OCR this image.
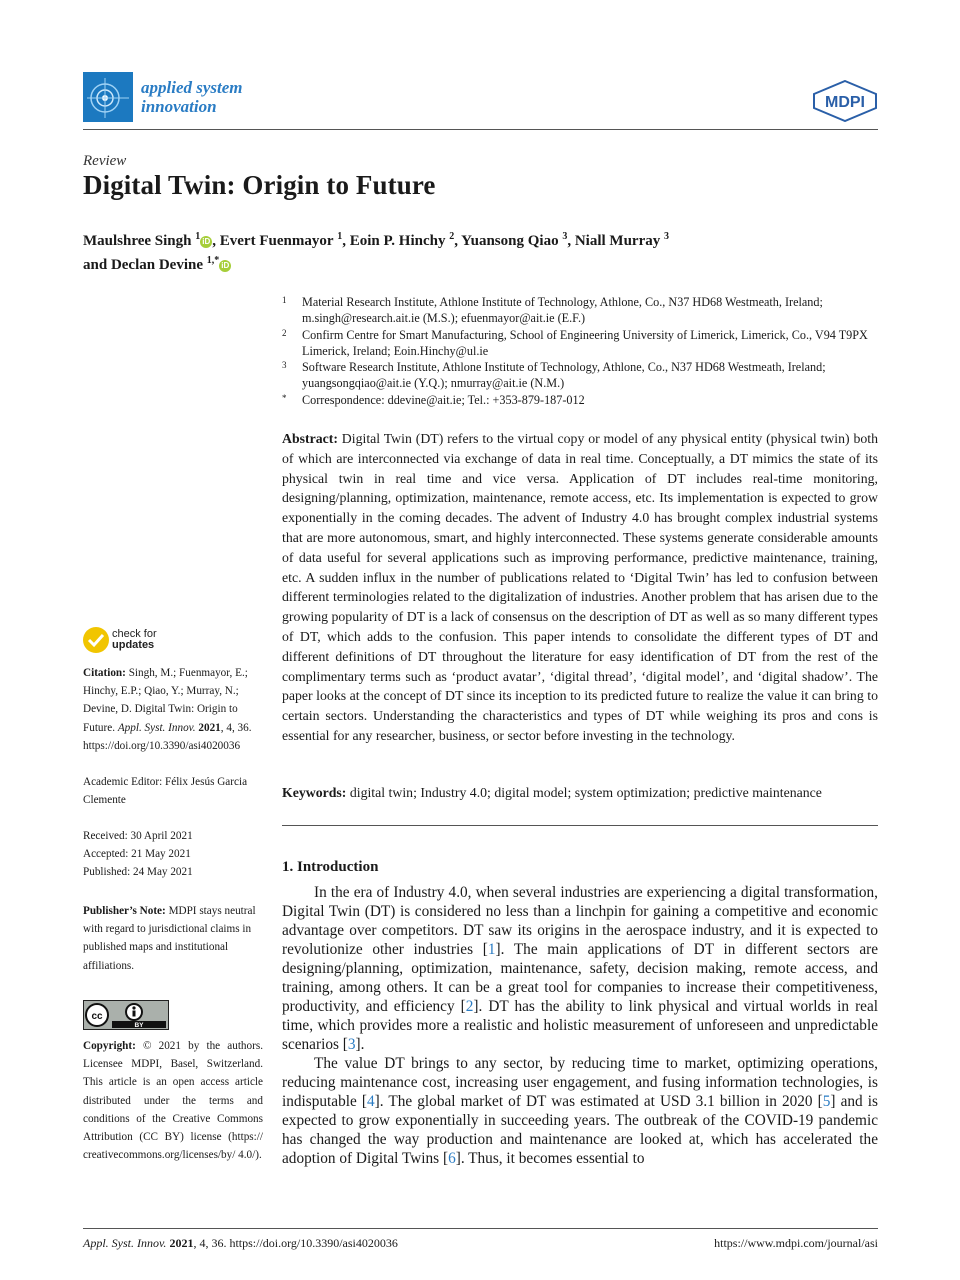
applied system
innovation	MDPI
Review
Digital Twin: Origin to Future
Maulshree Singh $^1$ iD , Evert Fuenmayor $^1$, Eoin P. Hinchy $^2$, Yuansong Qiao $^3$, Niall Murray $^3$
and Declan Devine $^{1,*}$ iD
1	Material Research Institute, Athlone Institute of Technology, Athlone, Co., N37 HD68 Westmeath, Ireland; m.singh@research.ait.ie (M.S.); efuenmayor@ait.ie (E.F.)
2	Confirm Centre for Smart Manufacturing, School of Engineering University of Limerick, Limerick, Co., V94 T9PX Limerick, Ireland; Eoin.Hinchy@ul.ie
3	Software Research Institute, Athlone Institute of Technology, Athlone, Co., N37 HD68 Westmeath, Ireland; yuangsongqiao@ait.ie (Y.Q.); nmurray@ait.ie (N.M.)
*	Correspondence: ddevine@ait.ie; Tel.: +353-879-187-012
Abstract: Digital Twin (DT) refers to the virtual copy or model of any physical entity (physical twin) both of which are interconnected via exchange of data in real time. Conceptually, a DT mimics the state of its physical twin in real time and vice versa. Application of DT includes real-time monitoring, designing/planning, optimization, maintenance, remote access, etc. Its implementation is expected to grow exponentially in the coming decades. The advent of Industry 4.0 has brought complex industrial systems that are more autonomous, smart, and highly interconnected. These systems generate considerable amounts of data useful for several applications such as improving performance, predictive maintenance, training, etc. A sudden influx in the number of publications related to ‘Digital Twin’ has led to confusion between different terminologies related to the digitalization of industries. Another problem that has arisen due to the growing popularity of DT is a lack of consensus on the description of DT as well as so many different types of DT, which adds to the confusion. This paper intends to consolidate the different types of DT and different definitions of DT throughout the literature for easy identification of DT from the rest of the complimentary terms such as ‘product avatar’, ‘digital thread’, ‘digital model’, and ‘digital shadow’. The paper looks at the concept of DT since its inception to its predicted future to realize the value it can bring to certain sectors. Understanding the characteristics and types of DT while weighing its pros and cons is essential for any researcher, business, or sector before investing in the technology.
Keywords: digital twin; Industry 4.0; digital model; system optimization; predictive maintenance
1. Introduction

In the era of Industry 4.0, when several industries are experiencing a digital transformation, Digital Twin (DT) is considered no less than a linchpin for gaining a competitive and economic advantage over competitors. DT saw its origins in the aerospace industry, and it is expected to revolutionize other industries [1]. The main applications of DT in different sectors are designing/planning, optimization, maintenance, safety, decision making, remote access, and training, among others. It can be a great tool for companies to increase their competitiveness, productivity, and efficiency [2]. DT has the ability to link physical and virtual worlds in real time, which provides more a realistic and holistic measurement of unforeseen and unpredictable scenarios [3].

The value DT brings to any sector, by reducing time to market, optimizing operations, reducing maintenance cost, increasing user engagement, and fusing information technologies, is indisputable [4]. The global market of DT was estimated at USD 3.1 billion in 2020 [5] and is expected to grow exponentially in succeeding years. The outbreak of the COVID-19 pandemic has changed the way production and maintenance are looked at, which has accelerated the adoption of Digital Twins [6]. Thus, it becomes essential to

check for
updates
Citation: Singh, M.; Fuenmayor, E.; Hinchy, E.P.; Qiao, Y.; Murray, N.; Devine, D. Digital Twin: Origin to Future. Appl. Syst. Innov. 2021, 4, 36. https://doi.org/10.3390/asi4020036
Academic Editor: Félix Jesús Garcia Clemente
Received: 30 April 2021
Accepted: 21 May 2021
Published: 24 May 2021
Publisher’s Note: MDPI stays neutral with regard to jurisdictional claims in published maps and institutional affiliations.
cc
BY
Copyright: © 2021 by the authors. Licensee MDPI, Basel, Switzerland. This article is an open access article distributed under the terms and conditions of the Creative Commons Attribution (CC BY) license (https:// creativecommons.org/licenses/by/ 4.0/).
Appl. Syst. Innov. 2021, 4, 36. https://doi.org/10.3390/asi4020036	https://www.mdpi.com/journal/asi
